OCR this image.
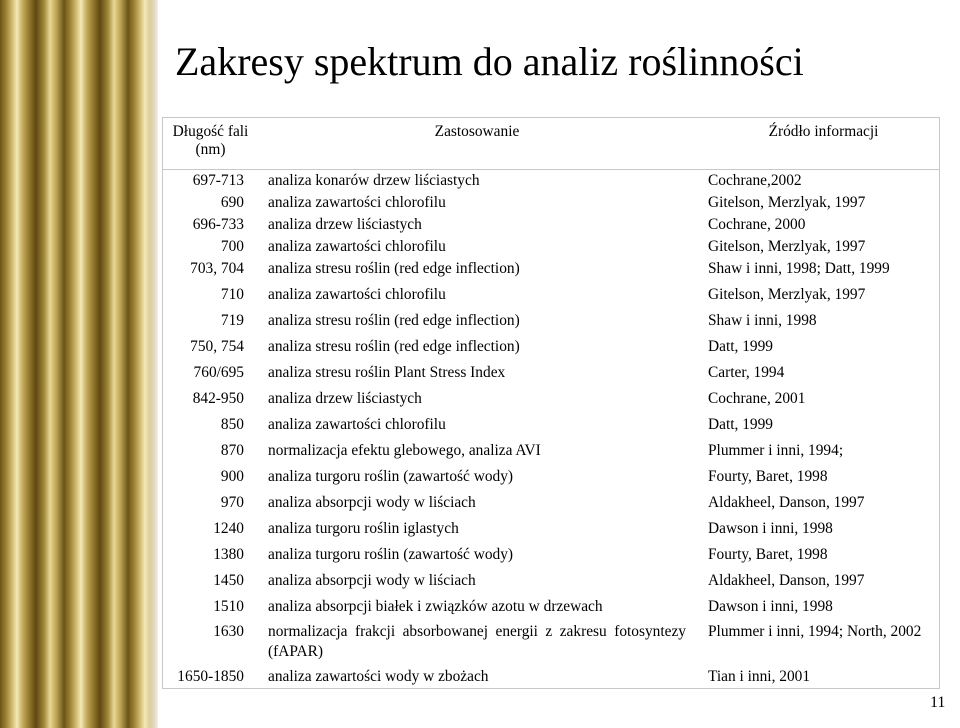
Zakresy spektrum do analiz roślinności
Długość fali (nm)	Zastosowanie	Źródło informacji
697-713	analiza konarów drzew liściastych	Cochrane,2002
690	analiza zawartości chlorofilu	Gitelson, Merzlyak, 1997
696-733	analiza drzew liściastych	Cochrane, 2000
700	analiza zawartości chlorofilu	Gitelson, Merzlyak, 1997
703, 704	analiza stresu roślin (red edge inflection)	Shaw i inni, 1998; Datt, 1999
710	analiza zawartości chlorofilu	Gitelson, Merzlyak, 1997
719	analiza stresu roślin (red edge inflection)	Shaw i inni, 1998
750, 754	analiza stresu roślin (red edge inflection)	Datt, 1999
760/695	analiza stresu roślin Plant Stress Index	Carter, 1994
842-950	analiza drzew liściastych	Cochrane, 2001
850	analiza zawartości chlorofilu	Datt, 1999
870	normalizacja efektu glebowego, analiza AVI	Plummer i inni, 1994;
900	analiza turgoru roślin (zawartość wody)	Fourty, Baret, 1998
970	analiza absorpcji wody w liściach	Aldakheel, Danson, 1997
1240	analiza turgoru roślin iglastych	Dawson i inni, 1998
1380	analiza turgoru roślin (zawartość wody)	Fourty, Baret, 1998
1450	analiza absorpcji wody w liściach	Aldakheel, Danson, 1997
1510	analiza absorpcji białek i związków azotu w drzewach	Dawson i inni, 1998
1630	normalizacja frakcji absorbowanej energii z zakresu fotosyntezy (fAPAR)	Plummer i inni, 1994; North, 2002
1650-1850	analiza zawartości wody w zbożach	Tian i inni, 2001
11
